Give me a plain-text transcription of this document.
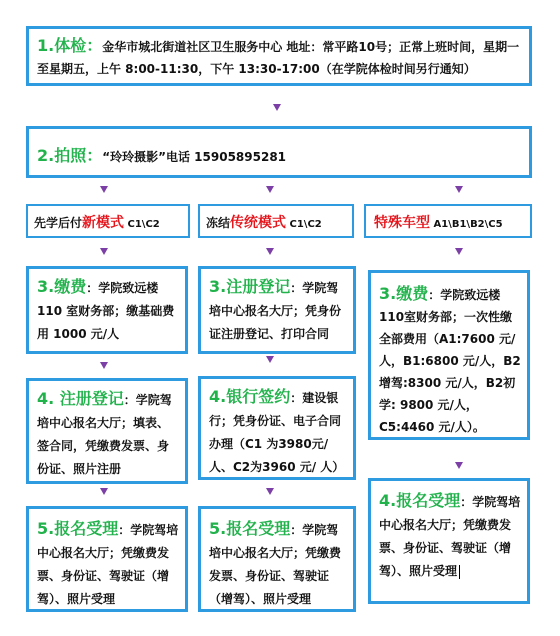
1.体检：金华市城北街道社区卫生服务中心 地址：常平路10号；正常上班时间，星期一至星期五，上午 8:00-11:30，下午 13:30-17:00（在学院体检时间另行通知）
2.拍照：“玲玲摄影”电话 15905895281
先学后付新模式 C1\C2	冻结传统模式 C1\C2	特殊车型 A1\B1\B2\C5
3.缴费：学院致远楼 110 室财务部；缴基础费用 1000 元/人
4. 注册登记：学院驾培中心报名大厅；填表、签合同，凭缴费发票、身份证、照片注册
5.报名受理：学院驾培中心报名大厅；凭缴费发票、身份证、驾驶证（增驾）、照片受理
3.注册登记：学院驾培中心报名大厅；凭身份证注册登记、打印合同
4.银行签约：建设银行；凭身份证、电子合同办理（C1 为3980元/人、C2为3960 元/ 人）
5.报名受理：学院驾培中心报名大厅；凭缴费发票、身份证、驾驶证（增驾）、照片受理
3.缴费：学院致远楼 110室财务部；一次性缴全部费用（A1:7600 元/人，B1:6800 元/人，B2增驾:8300 元/人，B2初学: 9800 元/人，C5:4460 元/人）。
4.报名受理：学院驾培中心报名大厅；凭缴费发票、身份证、驾驶证（增驾）、照片受理
